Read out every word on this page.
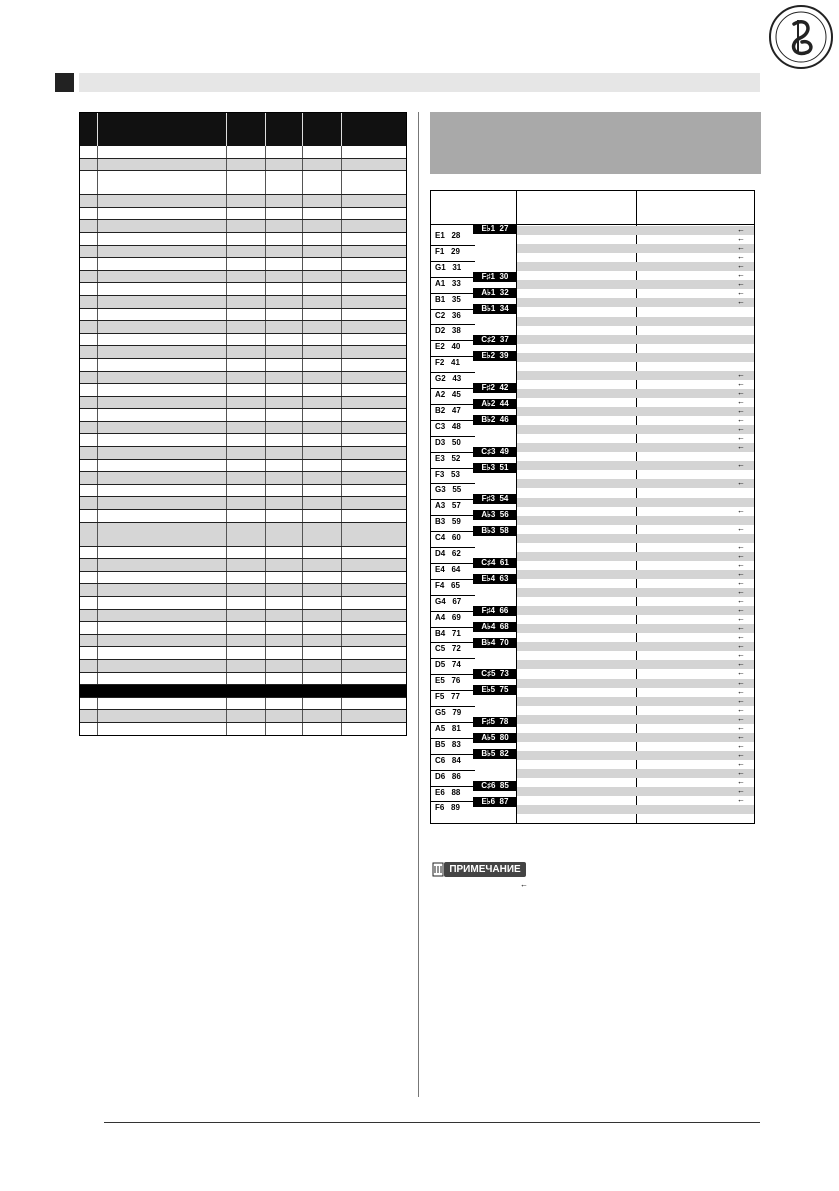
←
←
←
←
←
←
←
←
←
←
←
←
←
←
←
←
←
←
←
←
←
←
←
←
←
←
←
←
←
←
←
←
←
←
←
←
←
←
←
←
←
←
←
←
←
←
←
←
←
←
←
E1   28
F1   29
G1   31
A1   33
B1   35
C2   36
D2   38
E2   40
F2   41
G2   43
A2   45
B2   47
C3   48
D3   50
E3   52
F3   53
G3   55
A3   57
B3   59
C4   60
D4   62
E4   64
F4   65
G4   67
A4   69
B4   71
C5   72
D5   74
E5   76
F5   77
G5   79
A5   81
B5   83
C6   84
D6   86
E6   88
F6   89
E♭1  27
F♯1  30
A♭1  32
B♭1  34
C♯2  37
E♭2  39
F♯2  42
A♭2  44
B♭2  46
C♯3  49
E♭3  51
F♯3  54
A♭3  56
B♭3  58
C♯4  61
E♭4  63
F♯4  66
A♭4  68
B♭4  70
C♯5  73
E♭5  75
F♯5  78
A♭5  80
B♭5  82
C♯6  85
E♭6  87
ПРИМЕЧАНИЕ
←
